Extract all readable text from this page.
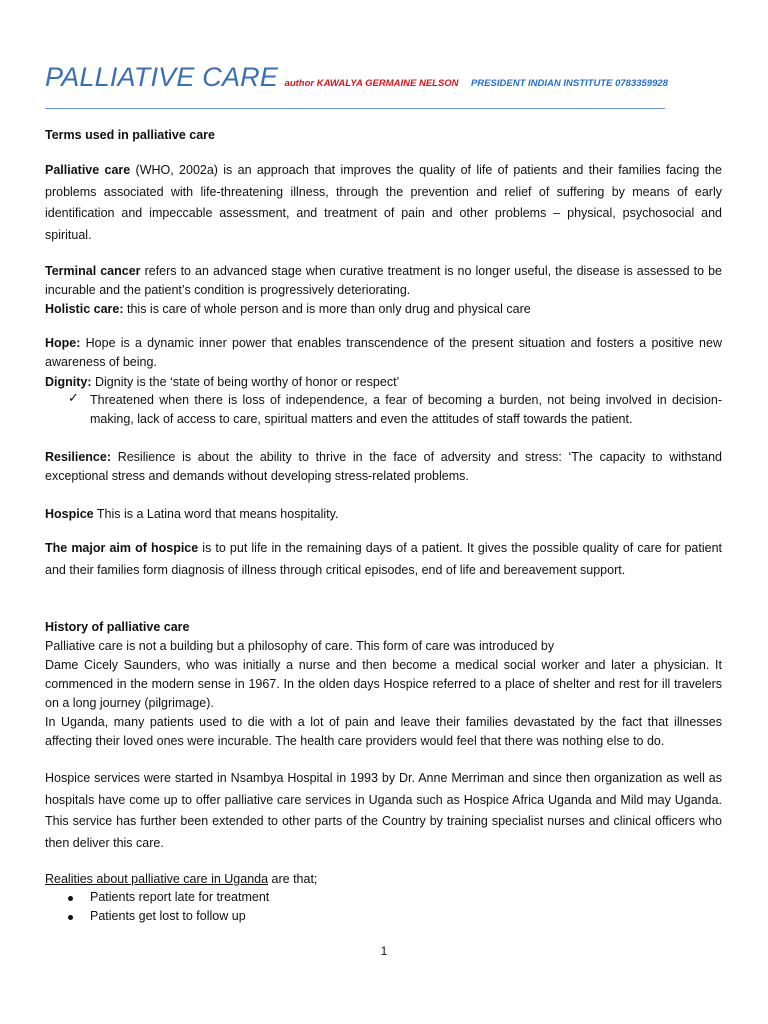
PALLIATIVE CARE author KAWALYA GERMAINE NELSON PRESIDENT INDIAN INSTITUTE 0783359928

Terms used in palliative care

Palliative care (WHO, 2002a) is an approach that improves the quality of life of patients and their families facing the problems associated with life-threatening illness, through the prevention and relief of suffering by means of early identification and impeccable assessment, and treatment of pain and other problems – physical, psychosocial and spiritual.

Terminal cancer refers to an advanced stage when curative treatment is no longer useful, the disease is assessed to be incurable and the patient’s condition is progressively deteriorating.

Holistic care: this is care of whole person and is more than only drug and physical care

Hope: Hope is a dynamic inner power that enables transcendence of the present situation and fosters a positive new awareness of being.

Dignity: Dignity is the ‘state of being worthy of honor or respect’

✓ Threatened when there is loss of independence, a fear of becoming a burden, not being involved in decision-making, lack of access to care, spiritual matters and even the attitudes of staff towards the patient.

Resilience: Resilience is about the ability to thrive in the face of adversity and stress: ‘The capacity to withstand exceptional stress and demands without developing stress-related problems.

Hospice This is a Latina word that means hospitality.

The major aim of hospice is to put life in the remaining days of a patient. It gives the possible quality of care for patient and their families form diagnosis of illness through critical episodes, end of life and bereavement support.

History of palliative care

Palliative care is not a building but a philosophy of care. This form of care was introduced by

Dame Cicely Saunders, who was initially a nurse and then become a medical social worker and later a physician. It commenced in the modern sense in 1967. In the olden days Hospice referred to a place of shelter and rest for ill travelers on a long journey (pilgrimage).

In Uganda, many patients used to die with a lot of pain and leave their families devastated by the fact that illnesses affecting their loved ones were incurable. The health care providers would feel that there was nothing else to do.

Hospice services were started in Nsambya Hospital in 1993 by Dr. Anne Merriman and since then organization as well as hospitals have come up to offer palliative care services in Uganda such as Hospice Africa Uganda and Mild may Uganda. This service has further been extended to other parts of the Country by training specialist nurses and clinical officers who then deliver this care.

Realities about palliative care in Uganda are that;

Patients report late for treatment
Patients get lost to follow up
1
